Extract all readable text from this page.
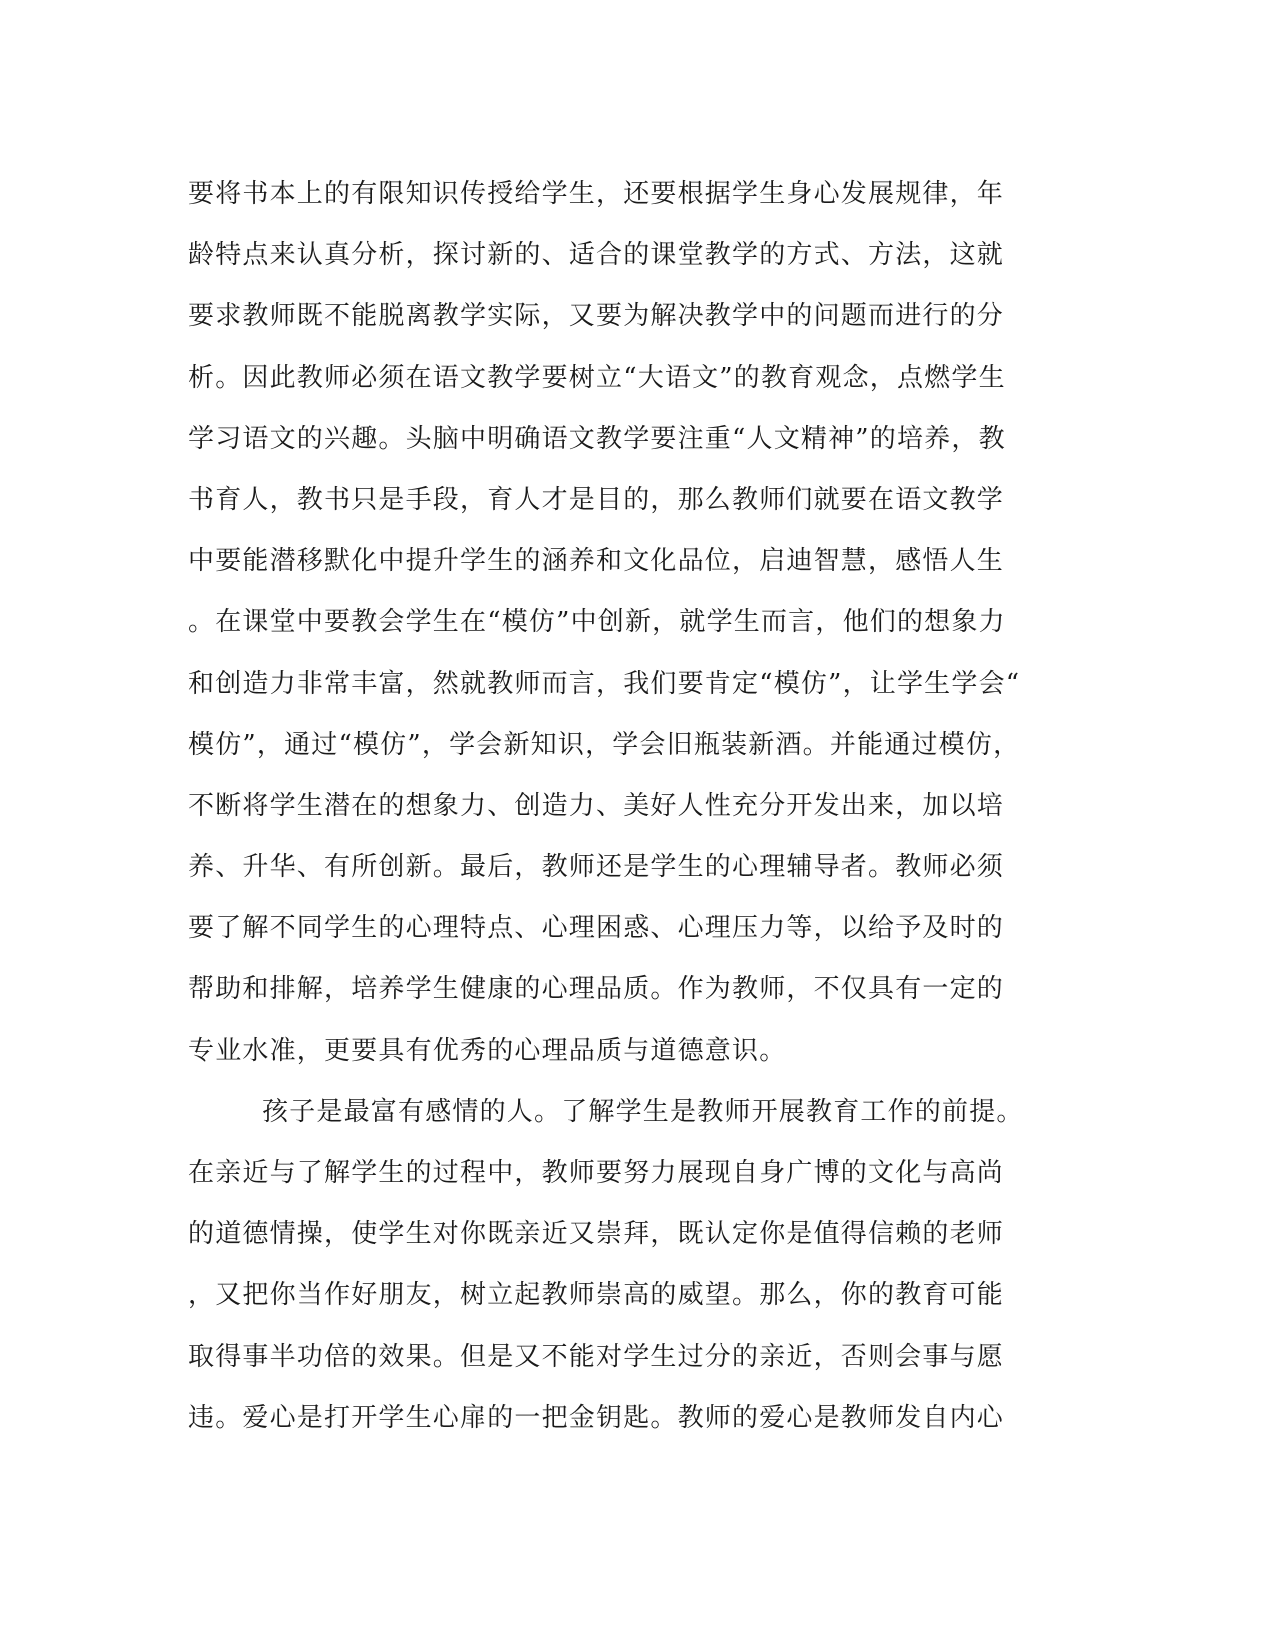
要将书本上的有限知识传授给学生，还要根据学生身心发展规律，年
龄特点来认真分析，探讨新的、适合的课堂教学的方式、方法，这就
要求教师既不能脱离教学实际，又要为解决教学中的问题而进行的分
析。因此教师必须在语文教学要树立“大语文”的教育观念，点燃学生
学习语文的兴趣。头脑中明确语文教学要注重“人文精神”的培养，教
书育人，教书只是手段，育人才是目的，那么教师们就要在语文教学
中要能潜移默化中提升学生的涵养和文化品位，启迪智慧，感悟人生
。在课堂中要教会学生在“模仿”中创新，就学生而言，他们的想象力
和创造力非常丰富，然就教师而言，我们要肯定“模仿”，让学生学会“
模仿”，通过“模仿”，学会新知识，学会旧瓶装新酒。并能通过模仿，
不断将学生潜在的想象力、创造力、美好人性充分开发出来，加以培
养、升华、有所创新。最后，教师还是学生的心理辅导者。教师必须
要了解不同学生的心理特点、心理困惑、心理压力等，以给予及时的
帮助和排解，培养学生健康的心理品质。作为教师，不仅具有一定的
专业水准，更要具有优秀的心理品质与道德意识。
孩子是最富有感情的人。了解学生是教师开展教育工作的前提。
在亲近与了解学生的过程中，教师要努力展现自身广博的文化与高尚
的道德情操，使学生对你既亲近又崇拜，既认定你是值得信赖的老师
，又把你当作好朋友，树立起教师崇高的威望。那么，你的教育可能
取得事半功倍的效果。但是又不能对学生过分的亲近，否则会事与愿
违。爱心是打开学生心扉的一把金钥匙。教师的爱心是教师发自内心
